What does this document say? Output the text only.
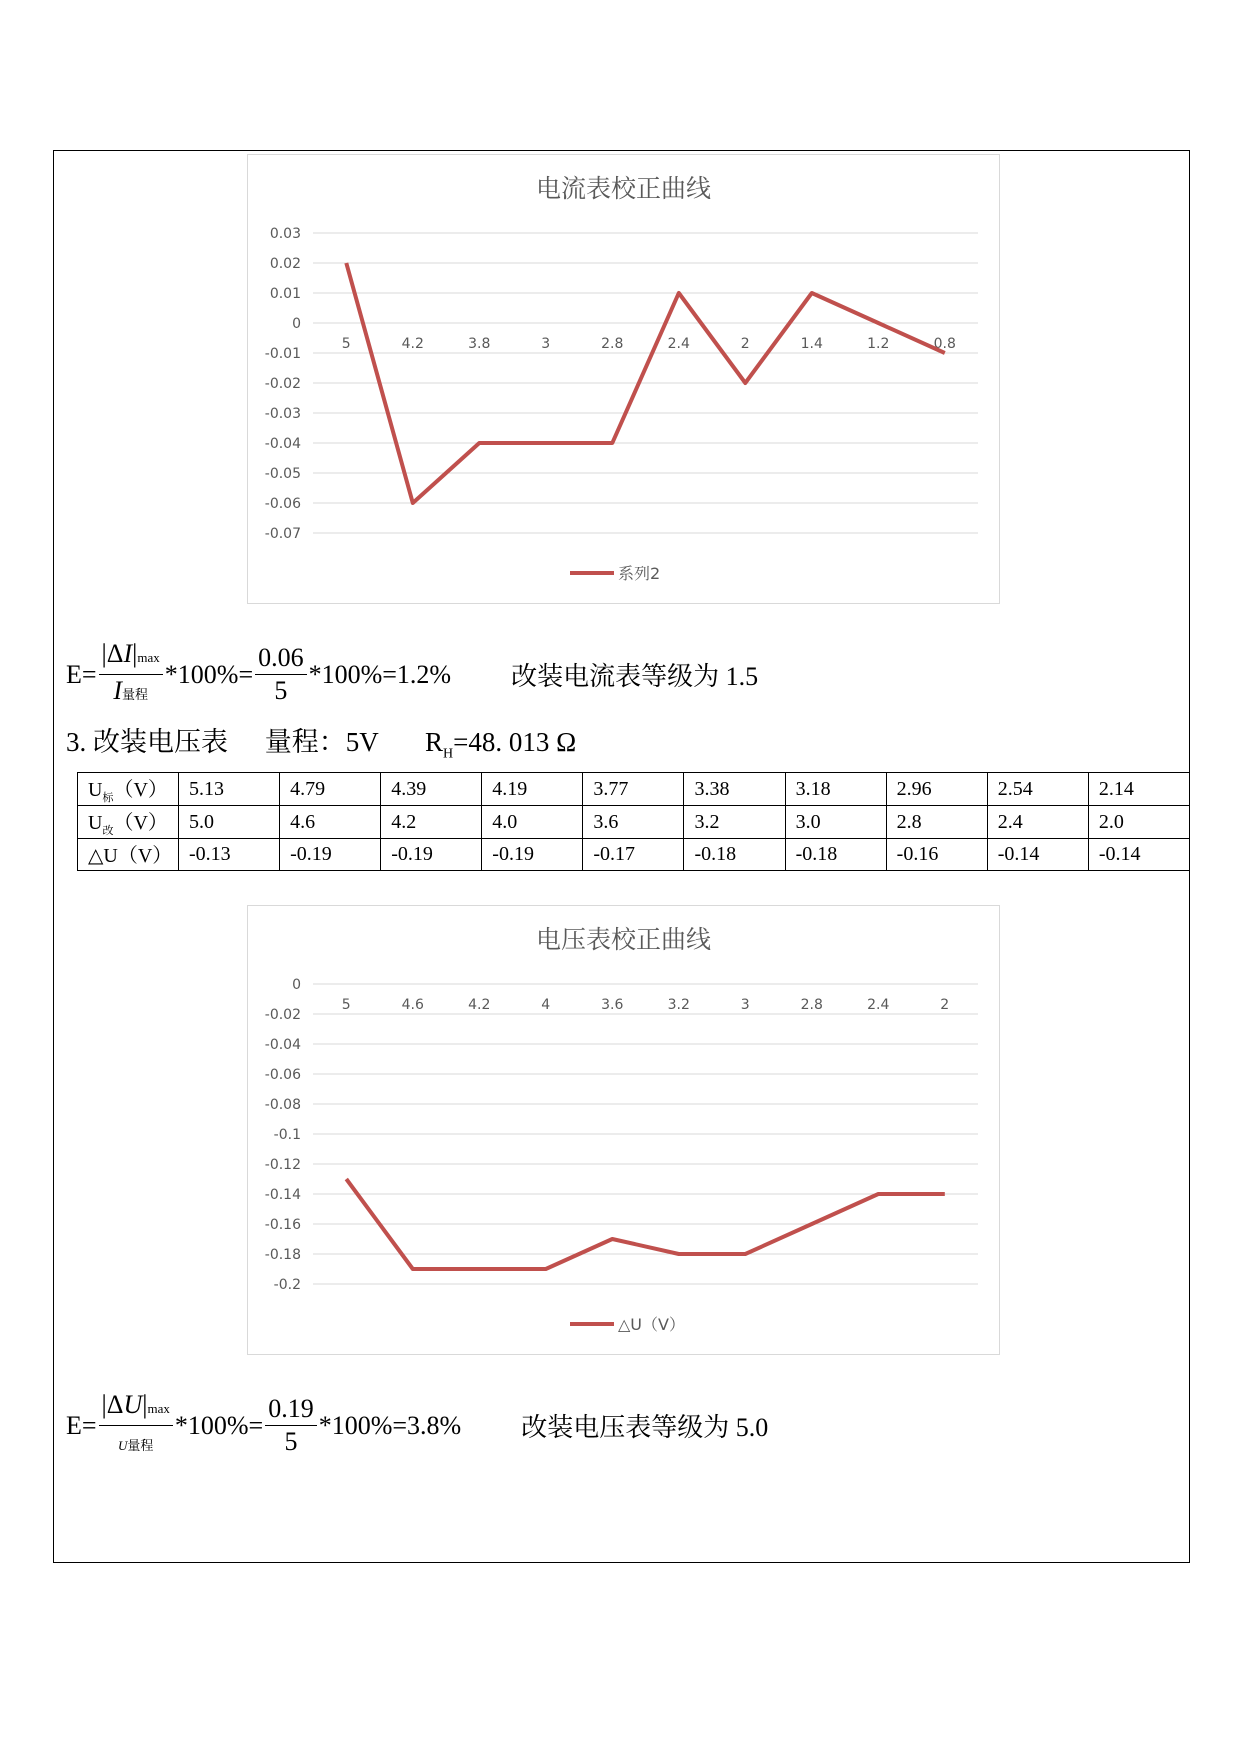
电流表校正曲线
0.03
0.02
0.01
0
-0.01
-0.02
-0.03
-0.04
-0.05
-0.06
-0.07
5	4.2	3.8	3	2.8	2.4	2	1.4	1.2	0.8
系列2
$E= \frac{|\Delta I|\max}{\text{I量程}} *100\%= \frac{0.06}{5} *100\%=1.2\%$ 改装电流表等级为 1.5
3. 改装电压表 量程：5V $R_H=48$. 013 Ω
$U_标(V)$	5.13	4.79	4.39	4.19	3.77	3.38	3.18	2.96	2.54	2.14
$U_改(V)$	5.0	4.6	4.2	4.0	3.6	3.2	3.0	2.8	2.4	2.0
△U（V）	-0.13	-0.19	-0.19	-0.19	-0.17	-0.18	-0.18	-0.16	-0.14	-0.14
电压表校正曲线
0
-0.02
-0.04
-0.06
-0.08
-0.1
-0.12
-0.14
-0.16
-0.18
-0.2
5	4.6	4.2	4	3.6	3.2	3	2.8	2.4	2
△U（V）
$E= \frac{|\Delta U|\max}{\text{U量程}} *100\%= \frac{0.19}{5} *100\%=3.8\%$ 改装电压表等级为 5.0
